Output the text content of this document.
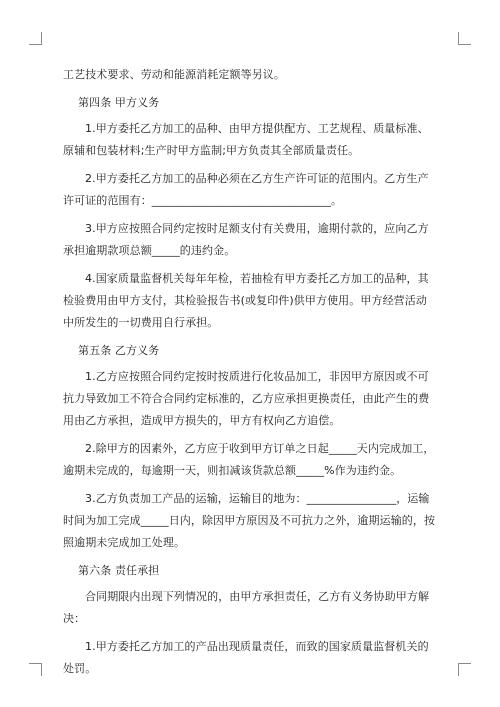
工艺技术要求、劳动和能源消耗定额等另议。

第四条 甲方义务

1.甲方委托乙方加工的品种、由甲方提供配方、工艺规程、质量标准、原辅和包装材料;生产时甲方监制;甲方负责其全部质量责任。

2.甲方委托乙方加工的品种必须在乙方生产许可证的范围内。乙方生产许可证的范围有：________________________________。

3.甲方应按照合同约定按时足额支付有关费用，逾期付款的，应向乙方承担逾期款项总额_____的违约金。

4.国家质量监督机关每年年检，若抽检有甲方委托乙方加工的品种，其检验费用由甲方支付，其检验报告书(或复印件)供甲方使用。甲方经营活动中所发生的一切费用自行承担。

第五条 乙方义务

1.乙方应按照合同约定按时按质进行化妆品加工，非因甲方原因或不可抗力导致加工不符合合同约定标准的，乙方应承担更换责任，由此产生的费用由乙方承担，造成甲方损失的，甲方有权向乙方追偿。

2.除甲方的因素外，乙方应于收到甲方订单之日起_____天内完成加工，逾期未完成的，每逾期一天，则扣减该货款总额_____%作为违约金。

3.乙方负责加工产品的运输，运输目的地为：________________，运输时间为加工完成_____日内，除因甲方原因及不可抗力之外，逾期运输的，按照逾期未完成加工处理。

第六条 责任承担

合同期限内出现下列情况的，由甲方承担责任，乙方有义务协助甲方解决：

1.甲方委托乙方加工的产品出现质量责任，而致的国家质量监督机关的处罚。
